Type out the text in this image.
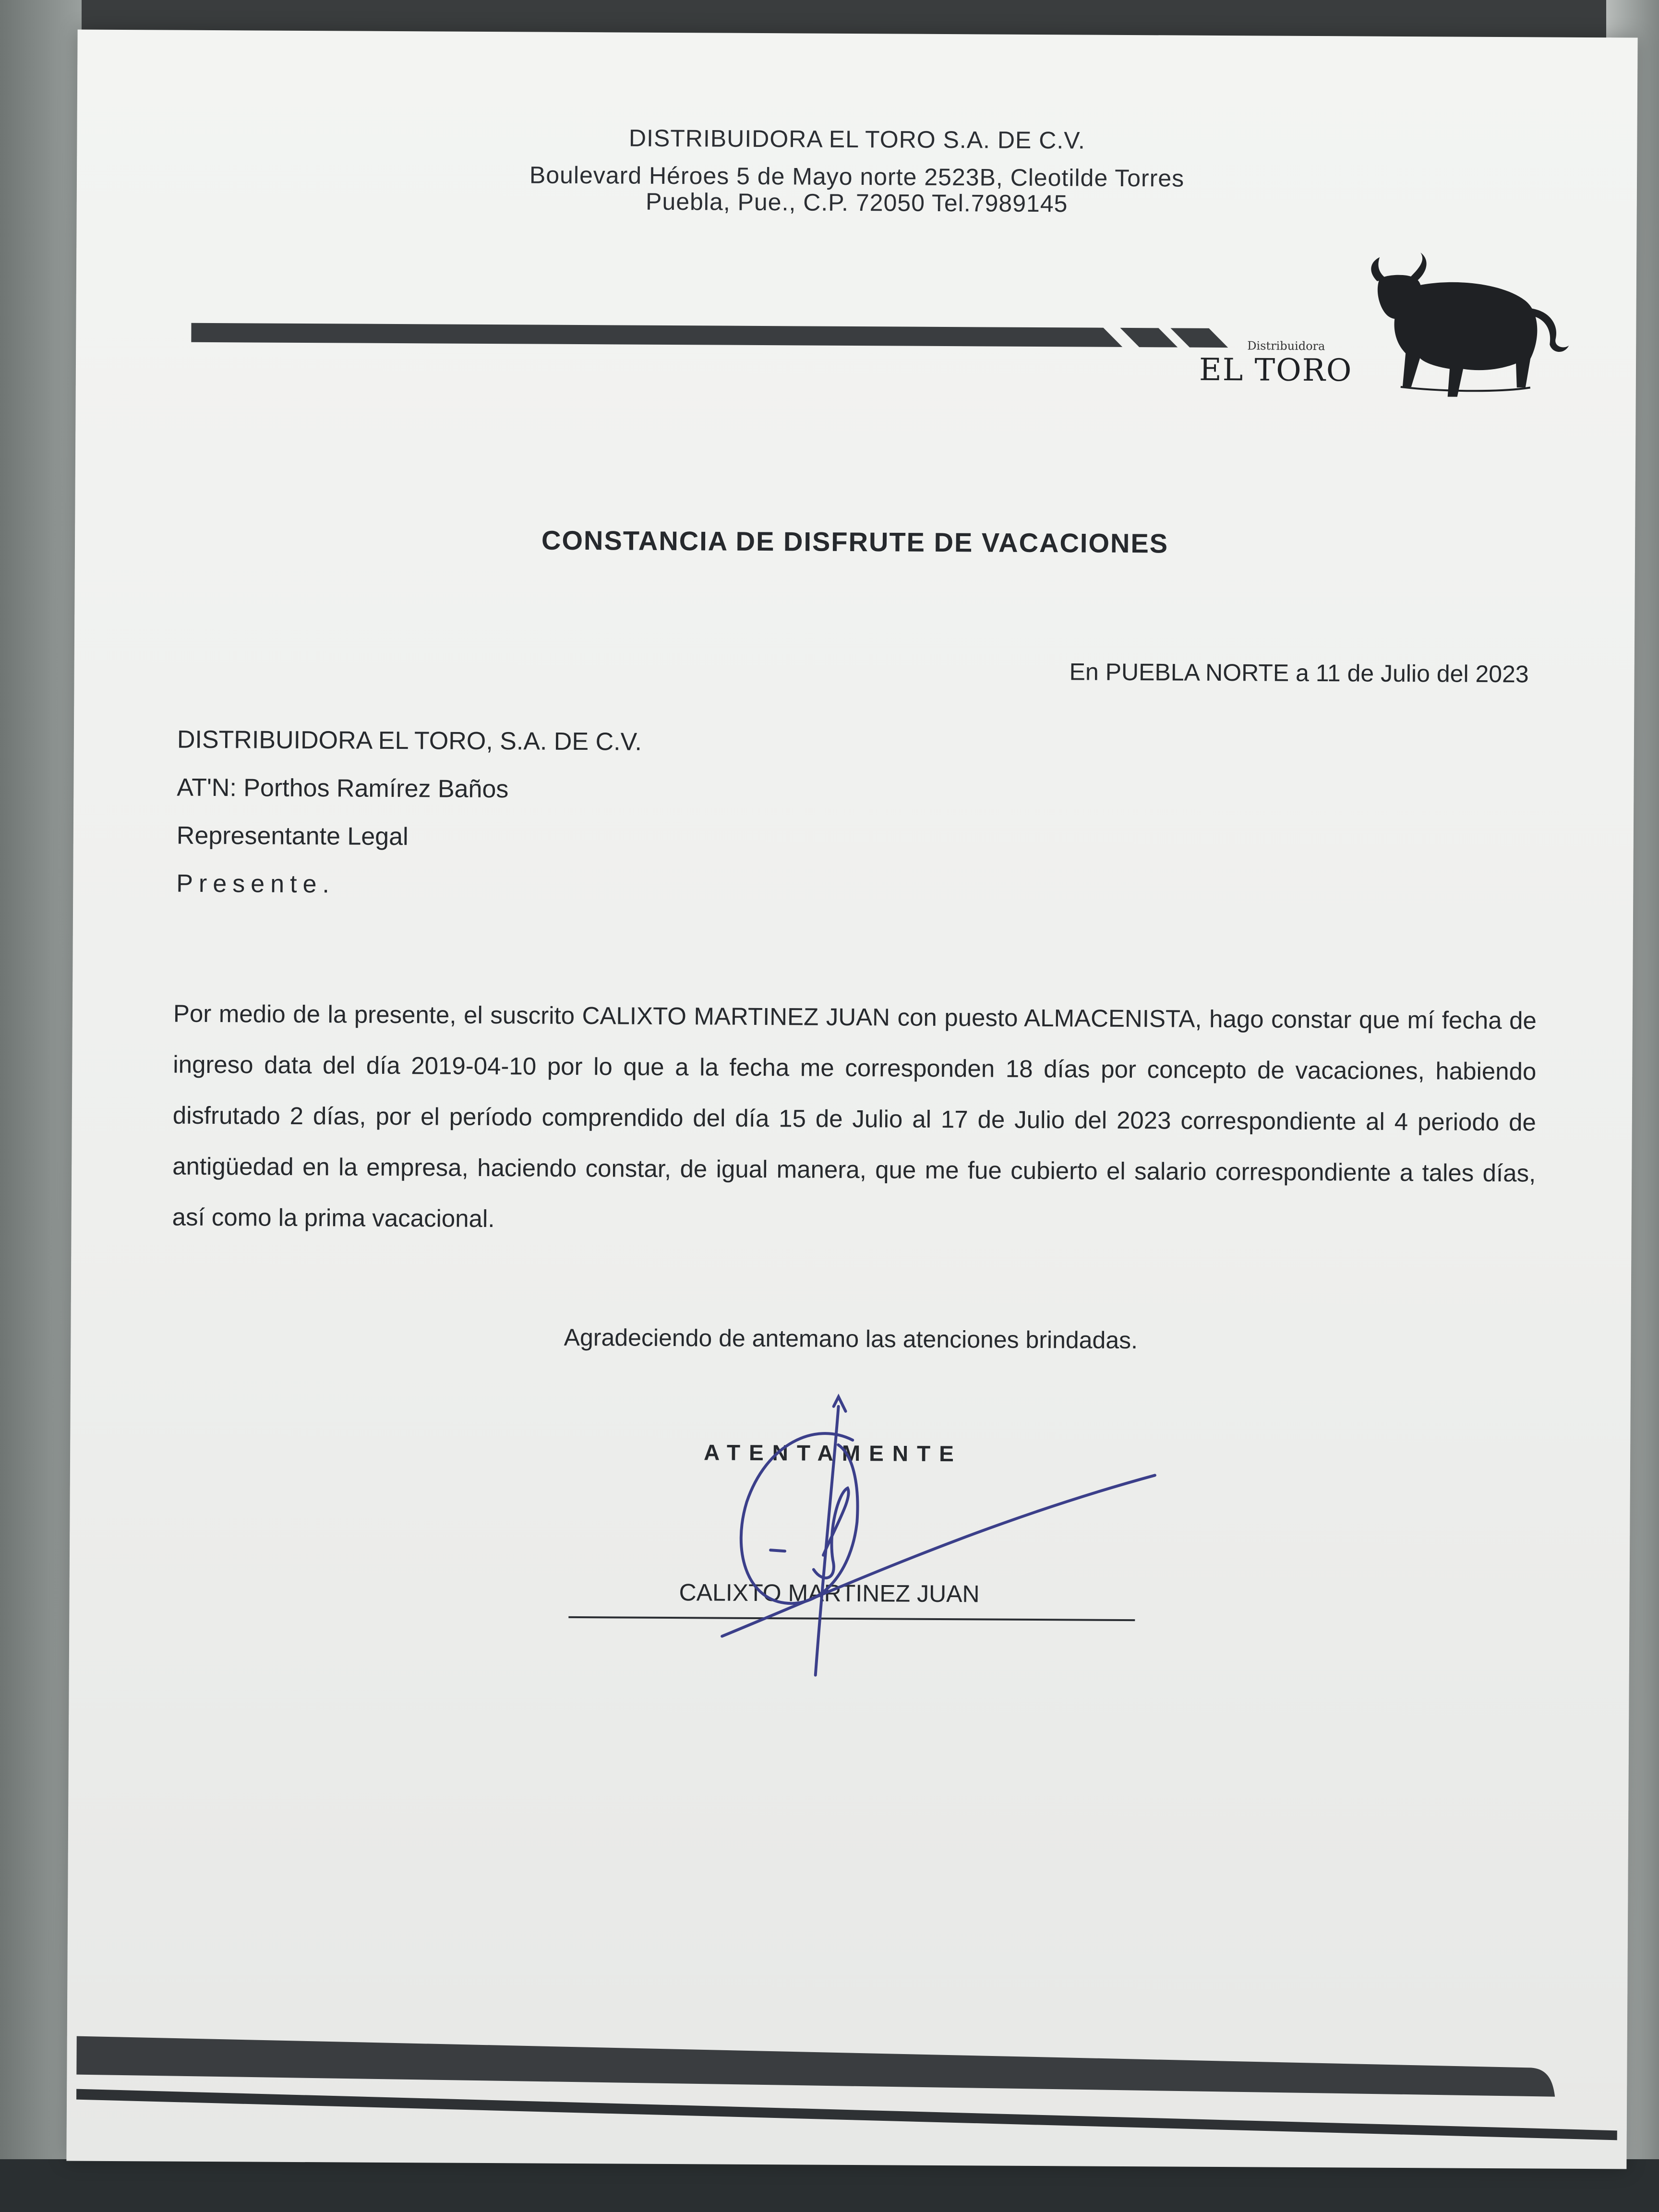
DISTRIBUIDORA EL TORO S.A. DE C.V.
Boulevard Héroes 5 de Mayo norte 2523B, Cleotilde Torres
Puebla, Pue., C.P. 72050 Tel.7989145
Distribuidora
EL TORO
CONSTANCIA DE DISFRUTE DE VACACIONES
En PUEBLA NORTE a 11 de Julio del 2023
DISTRIBUIDORA EL TORO, S.A. DE C.V.
AT'N: Porthos Ramírez Baños
Representante Legal
Presente.
Por medio de la presente, el suscrito CALIXTO MARTINEZ JUAN con puesto ALMACENISTA, hago constar que mí fecha de ingreso data del día 2019-04-10 por lo que a la fecha me corresponden 18 días por concepto de vacaciones, habiendo disfrutado 2 días, por el período comprendido del día 15 de Julio al 17 de Julio del 2023 correspondiente al 4 periodo de antigüedad en la empresa, haciendo constar, de igual manera, que me fue cubierto el salario correspondiente a tales días, así como la prima vacacional.
Agradeciendo de antemano las atenciones brindadas.
ATENTAMENTE
CALIXTO MARTINEZ JUAN
